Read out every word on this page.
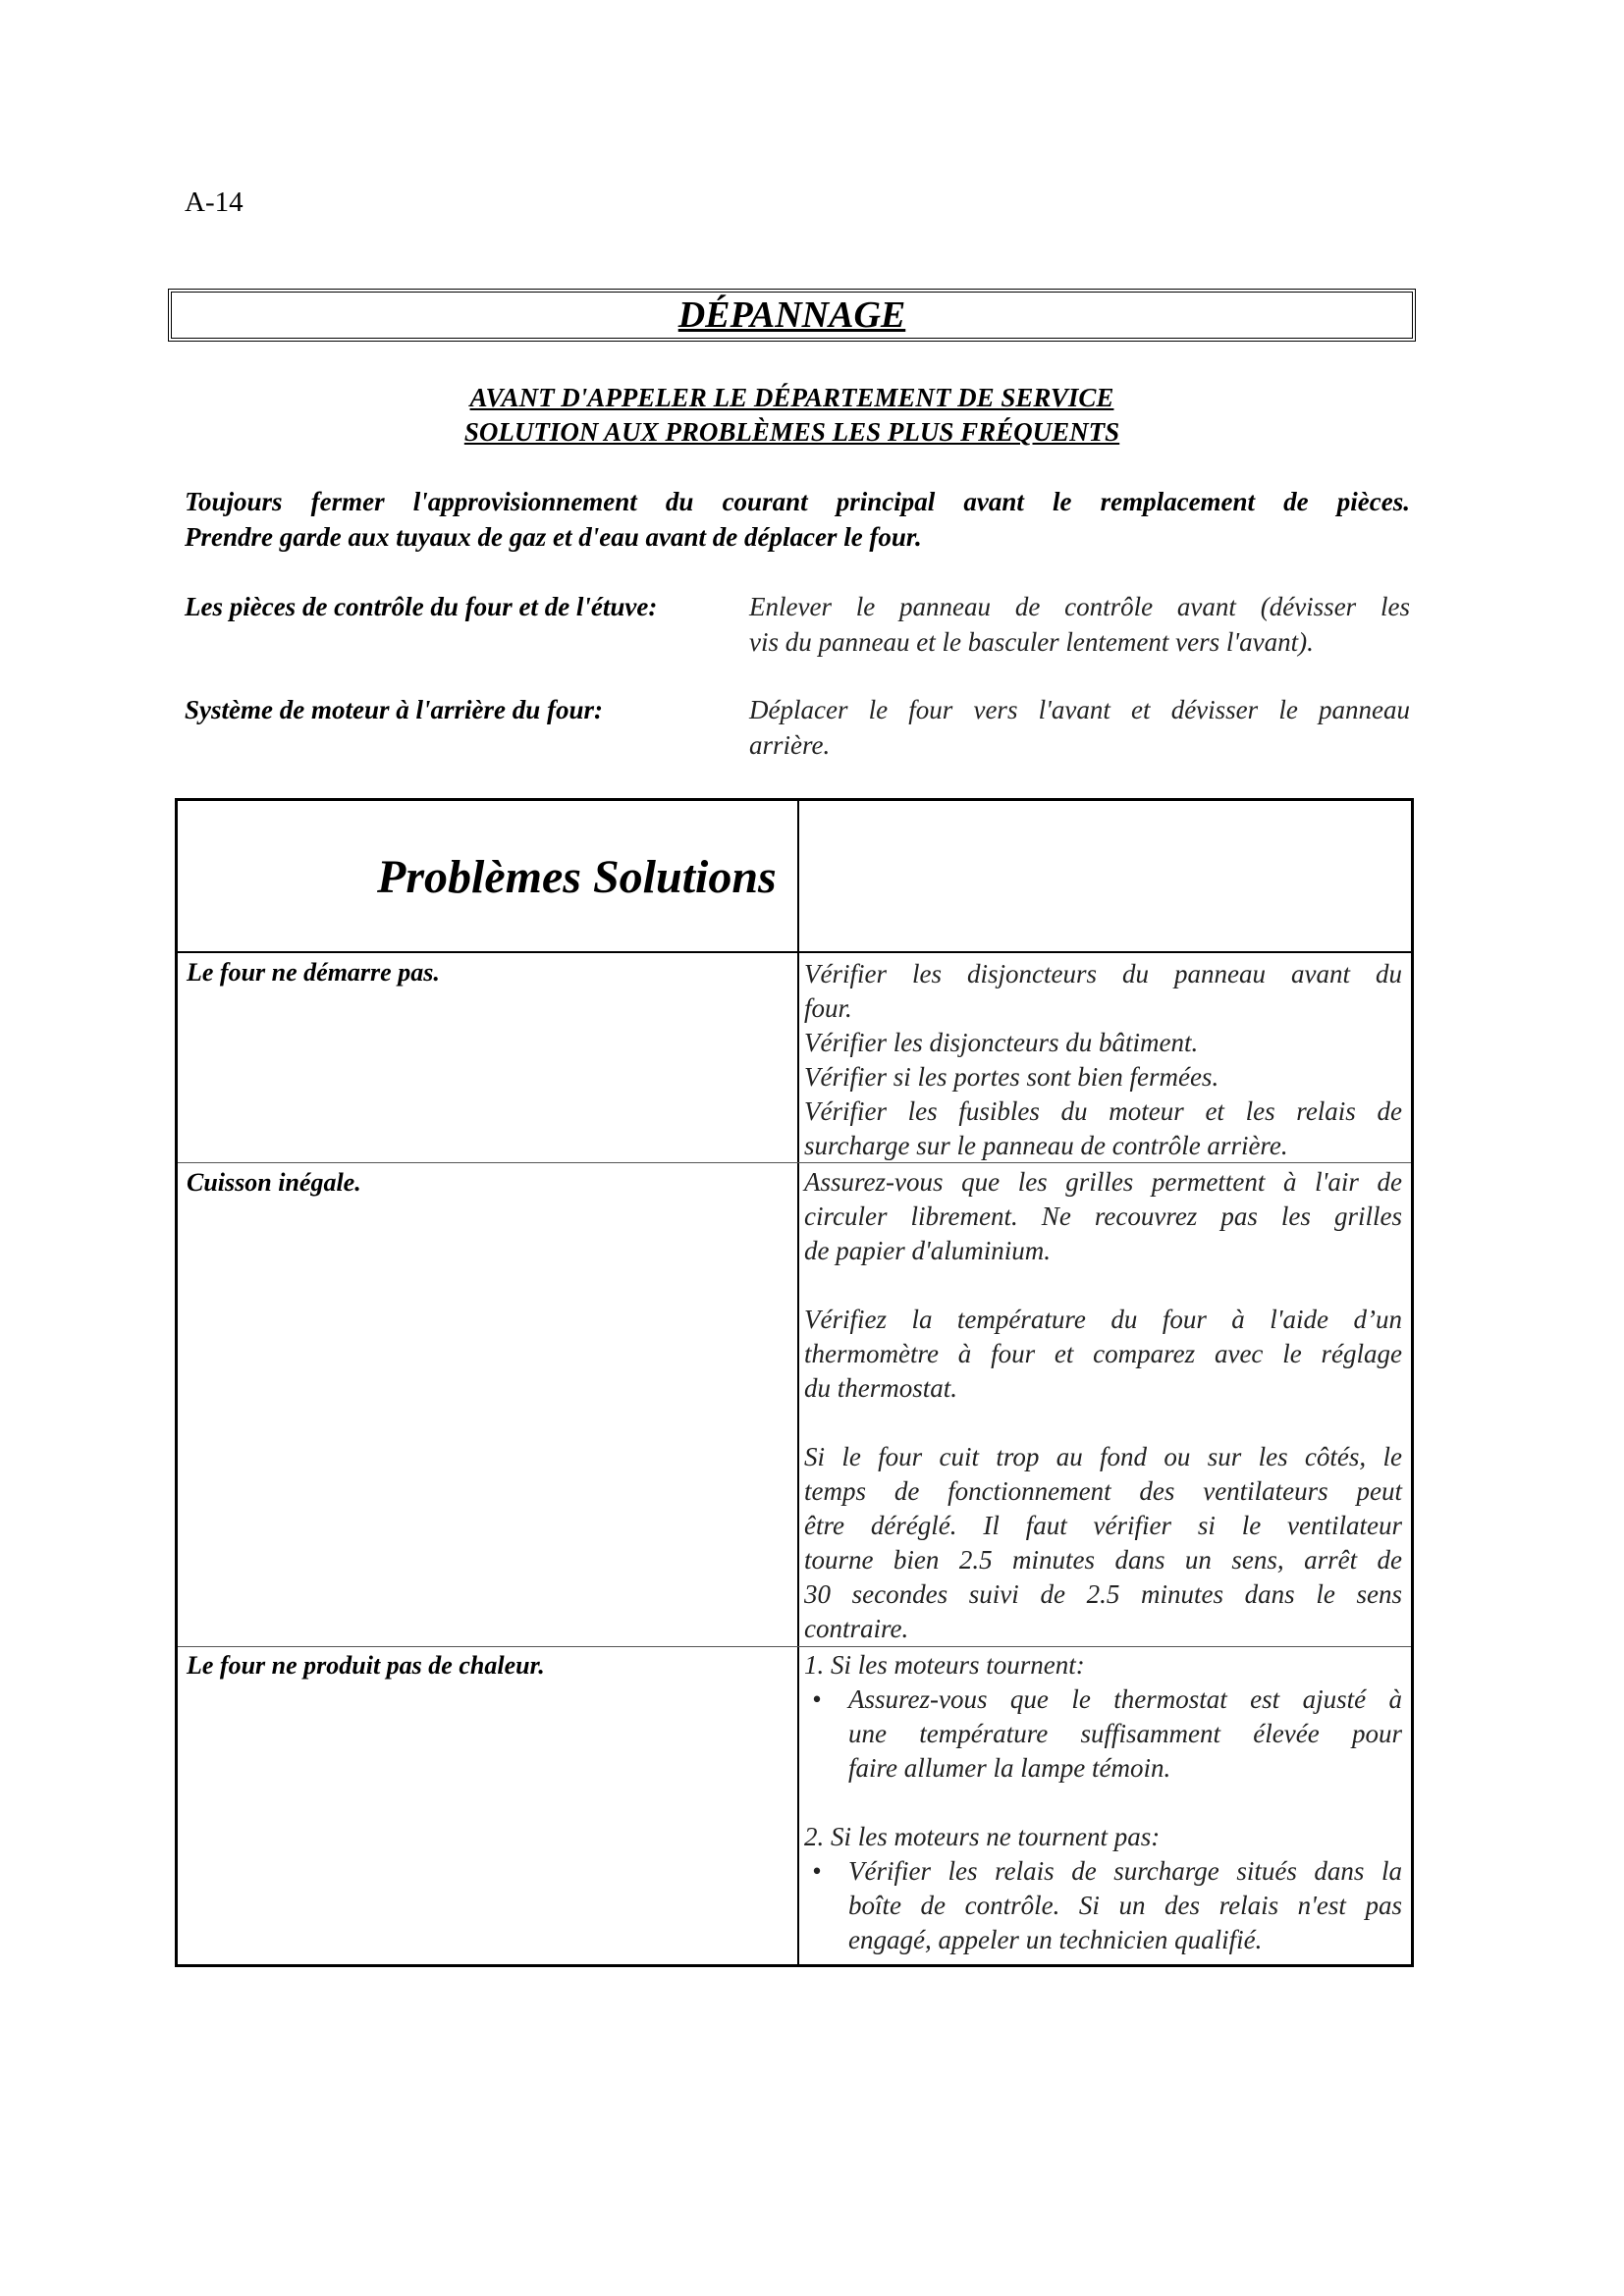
A-14
DÉPANNAGE
AVANT D'APPELER LE DÉPARTEMENT DE SERVICE
SOLUTION AUX PROBLÈMES LES PLUS FRÉQUENTS
Toujours fermer l'approvisionnement du courant principal avant le remplacement de pièces.
Prendre garde aux tuyaux de gaz et d'eau avant de déplacer le four.
Les pièces de contrôle du four et de l'étuve:	Enlever le panneau de contrôle avant (dévisser les
vis du panneau et le basculer lentement vers l'avant).
Système de moteur à l'arrière du four:	Déplacer le four vers l'avant et dévisser le panneau
arrière.
Problèmes Solutions
Le four ne démarre pas.	Vérifier les disjoncteurs du panneau avant du
four.
Vérifier les disjoncteurs du bâtiment.
Vérifier si les portes sont bien fermées.
Vérifier les fusibles du moteur et les relais de
surcharge sur le panneau de contrôle arrière.
Cuisson inégale.	Assurez-vous que les grilles permettent à l'air de
circuler librement. Ne recouvrez pas les grilles
de papier d'aluminium.
Vérifiez la température du four à l'aide d’un
thermomètre à four et comparez avec le réglage
du thermostat.
Si le four cuit trop au fond ou sur les côtés, le
temps de fonctionnement des ventilateurs peut
être déréglé. Il faut vérifier si le ventilateur
tourne bien 2.5 minutes dans un sens, arrêt de
30 secondes suivi de 2.5 minutes dans le sens
contraire.
Le four ne produit pas de chaleur.	1. Si les moteurs tournent:
• Assurez-vous que le thermostat est ajusté à
une température suffisamment élevée pour
faire allumer la lampe témoin.
2. Si les moteurs ne tournent pas:
• Vérifier les relais de surcharge situés dans la
boîte de contrôle. Si un des relais n'est pas
engagé, appeler un technicien qualifié.
